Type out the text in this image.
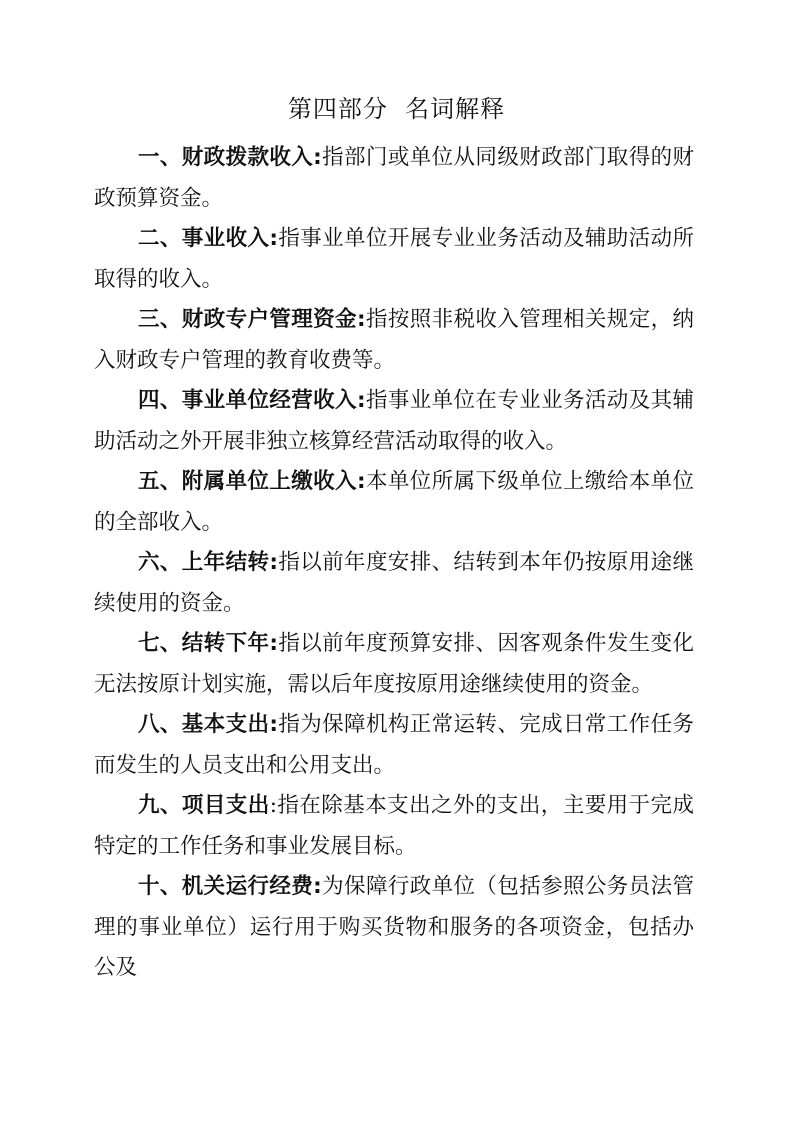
第四部分  名词解释

一、财政拨款收入:指部门或单位从同级财政部门取得的财政预算资金。

二、事业收入:指事业单位开展专业业务活动及辅助活动所取得的收入。

三、财政专户管理资金:指按照非税收入管理相关规定，纳入财政专户管理的教育收费等。

四、事业单位经营收入:指事业单位在专业业务活动及其辅助活动之外开展非独立核算经营活动取得的收入。

五、附属单位上缴收入:本单位所属下级单位上缴给本单位的全部收入。

六、上年结转:指以前年度安排、结转到本年仍按原用途继续使用的资金。

七、结转下年:指以前年度预算安排、因客观条件发生变化无法按原计划实施，需以后年度按原用途继续使用的资金。

八、基本支出:指为保障机构正常运转、完成日常工作任务而发生的人员支出和公用支出。

九、项目支出:指在除基本支出之外的支出，主要用于完成特定的工作任务和事业发展目标。

十、机关运行经费:为保障行政单位（包括参照公务员法管理的事业单位）运行用于购买货物和服务的各项资金，包括办公及
